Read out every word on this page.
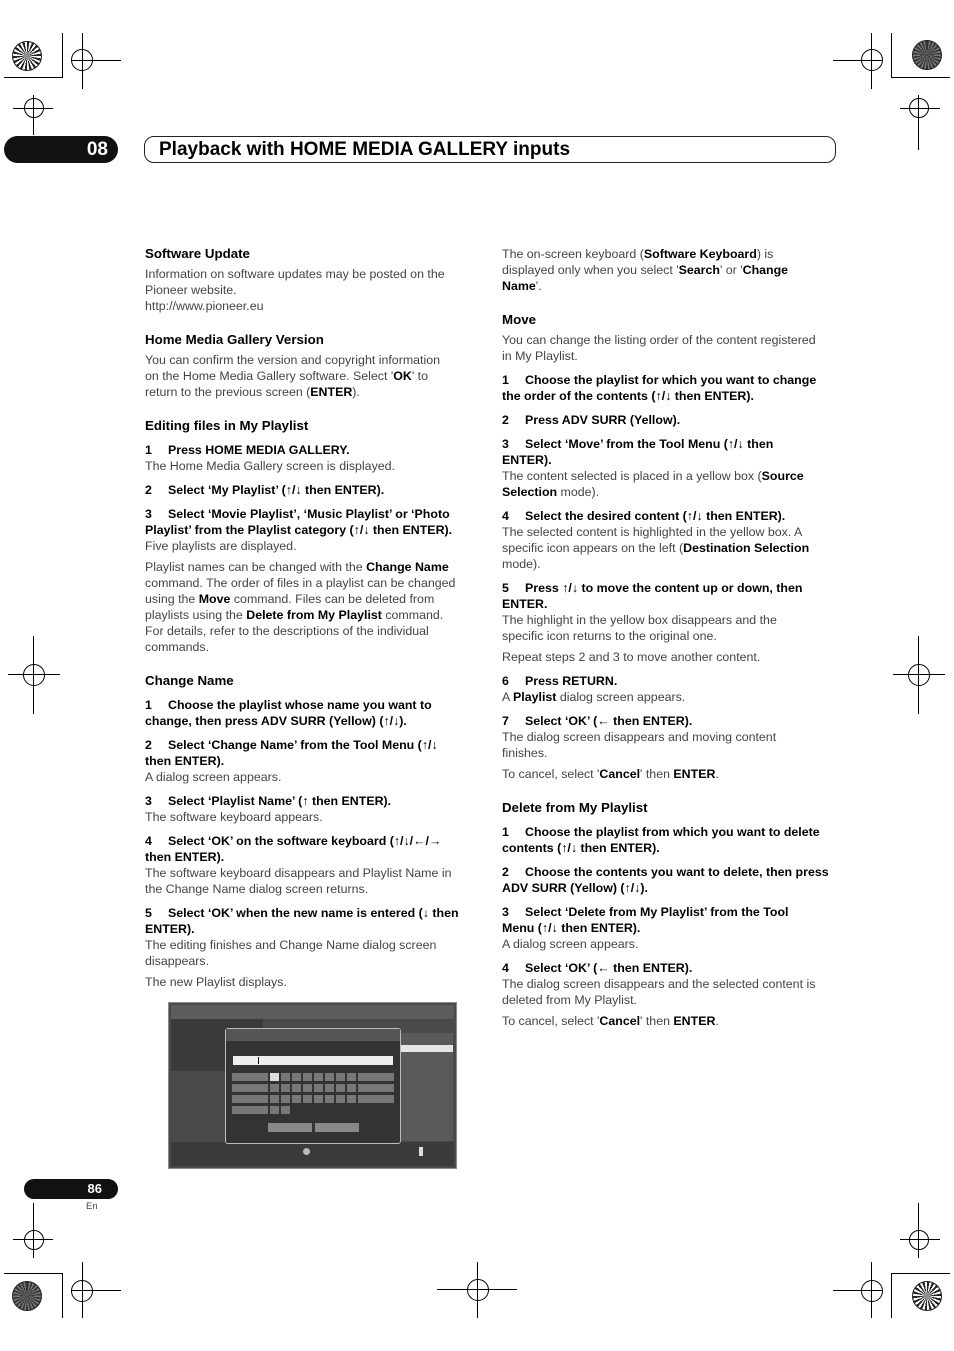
08	Playback with HOME MEDIA GALLERY inputs

Software Update

Information on software updates may be posted on the

Pioneer website.

http://www.pioneer.eu

Home Media Gallery Version

You can confirm the version and copyright information

on the Home Media Gallery software. Select 'OK' to

return to the previous screen (ENTER).

Editing files in My Playlist

1 Press HOME MEDIA GALLERY.

The Home Media Gallery screen is displayed.

2 Select ‘My Playlist’ (↑/↓ then ENTER).

3 Select ‘Movie Playlist’, ‘Music Playlist’ or ‘Photo

Playlist’ from the Playlist category (↑/↓ then ENTER).

Five playlists are displayed.

Playlist names can be changed with the Change Name

command. The order of files in a playlist can be changed

using the Move command. Files can be deleted from

playlists using the Delete from My Playlist command.

For details, refer to the descriptions of the individual

commands.

Change Name

1 Choose the playlist whose name you want to

change, then press ADV SURR (Yellow) (↑/↓).

2 Select ‘Change Name’ from the Tool Menu (↑/↓

then ENTER).

A dialog screen appears.

3 Select ‘Playlist Name’ (↑ then ENTER).

The software keyboard appears.

4 Select ‘OK’ on the software keyboard (↑/↓/←/→

then ENTER).

The software keyboard disappears and Playlist Name in

the Change Name dialog screen returns.

5 Select ‘OK’ when the new name is entered (↓ then

ENTER).

The editing finishes and Change Name dialog screen

disappears.

The new Playlist displays.

The on-screen keyboard (Software Keyboard) is

displayed only when you select 'Search' or 'Change

Name'.

Move

You can change the listing order of the content registered

in My Playlist.

1 Choose the playlist for which you want to change

the order of the contents (↑/↓ then ENTER).

2 Press ADV SURR (Yellow).

3 Select ‘Move’ from the Tool Menu (↑/↓ then

ENTER).

The content selected is placed in a yellow box (Source

Selection mode).

4 Select the desired content (↑/↓ then ENTER).

The selected content is highlighted in the yellow box. A

specific icon appears on the left (Destination Selection

mode).

5 Press ↑/↓ to move the content up or down, then

ENTER.

The highlight in the yellow box disappears and the

specific icon returns to the original one.

Repeat steps 2 and 3 to move another content.

6 Press RETURN.

A Playlist dialog screen appears.

7 Select ‘OK’ (← then ENTER).

The dialog screen disappears and moving content

finishes.

To cancel, select 'Cancel' then ENTER.

Delete from My Playlist

1 Choose the playlist from which you want to delete

contents (↑/↓ then ENTER).

2 Choose the contents you want to delete, then press

ADV SURR (Yellow) (↑/↓).

3 Select ‘Delete from My Playlist’ from the Tool

Menu (↑/↓ then ENTER).

A dialog screen appears.

4 Select ‘OK’ (← then ENTER).

The dialog screen disappears and the selected content is

deleted from My Playlist.

To cancel, select 'Cancel' then ENTER.

86
En
